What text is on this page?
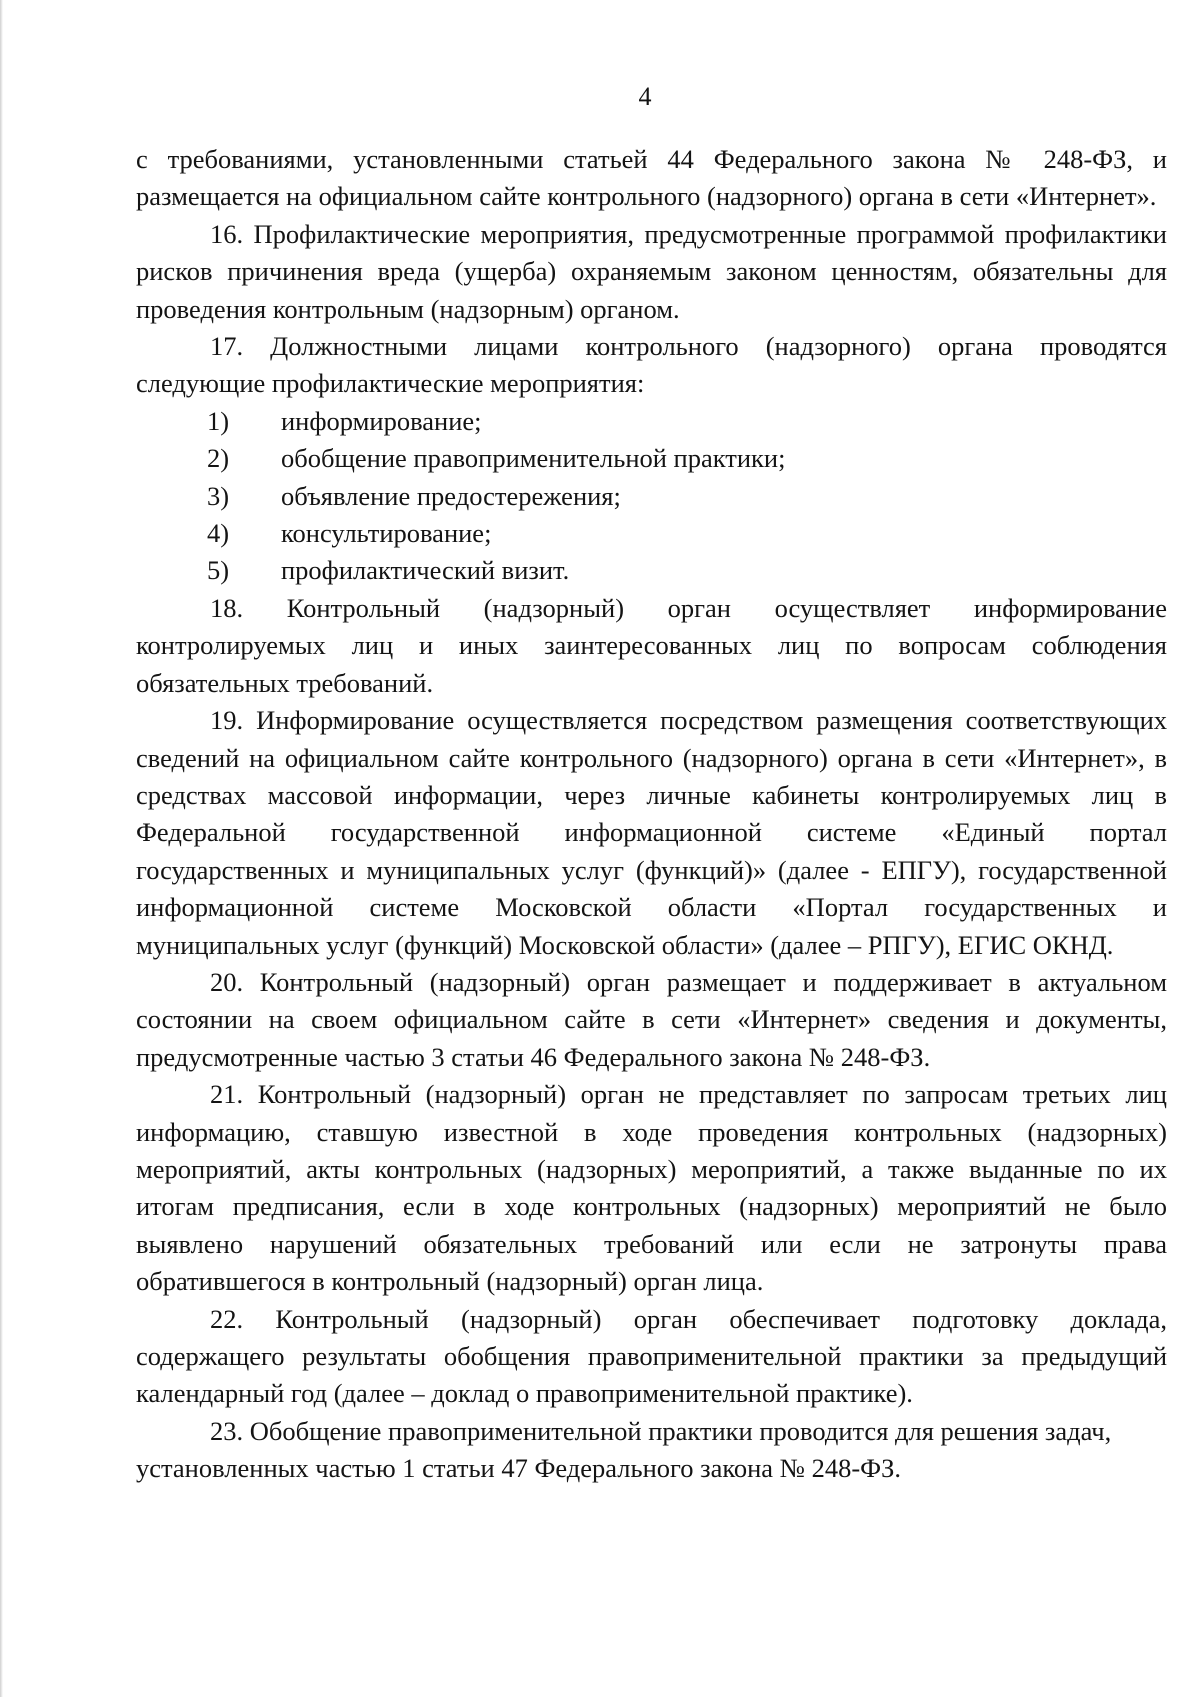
4

с требованиями, установленными статьей 44 Федерального закона № 248-ФЗ, и размещается на официальном сайте контрольного (надзорного) органа в сети «Интернет».

16. Профилактические мероприятия, предусмотренные программой профилактики рисков причинения вреда (ущерба) охраняемым законом ценностям, обязательны для проведения контрольным (надзорным) органом.

17. Должностными лицами контрольного (надзорного) органа проводятся следующие профилактические мероприятия:

1)	информирование;
2)	обобщение правоприменительной практики;
3)	объявление предостережения;
4)	консультирование;
5)	профилактический визит.

18. Контрольный (надзорный) орган осуществляет информирование контролируемых лиц и иных заинтересованных лиц по вопросам соблюдения обязательных требований.

19. Информирование осуществляется посредством размещения соответствующих сведений на официальном сайте контрольного (надзорного) органа в сети «Интернет», в средствах массовой информации, через личные кабинеты контролируемых лиц в Федеральной государственной информационной системе «Единый портал государственных и муниципальных услуг (функций)» (далее - ЕПГУ), государственной информационной системе Московской области «Портал государственных и муниципальных услуг (функций) Московской области» (далее – РПГУ), ЕГИС ОКНД.

20. Контрольный (надзорный) орган размещает и поддерживает в актуальном состоянии на своем официальном сайте в сети «Интернет» сведения и документы, предусмотренные частью 3 статьи 46 Федерального закона № 248-ФЗ.

21. Контрольный (надзорный) орган не представляет по запросам третьих лиц информацию, ставшую известной в ходе проведения контрольных (надзорных) мероприятий, акты контрольных (надзорных) мероприятий, а также выданные по их итогам предписания, если в ходе контрольных (надзорных) мероприятий не было выявлено нарушений обязательных требований или если не затронуты права обратившегося в контрольный (надзорный) орган лица.

22. Контрольный (надзорный) орган обеспечивает подготовку доклада, содержащего результаты обобщения правоприменительной практики за предыдущий календарный год (далее – доклад о правоприменительной практике).

23. Обобщение правоприменительной практики проводится для решения задач, установленных частью 1 статьи 47 Федерального закона № 248-ФЗ.
